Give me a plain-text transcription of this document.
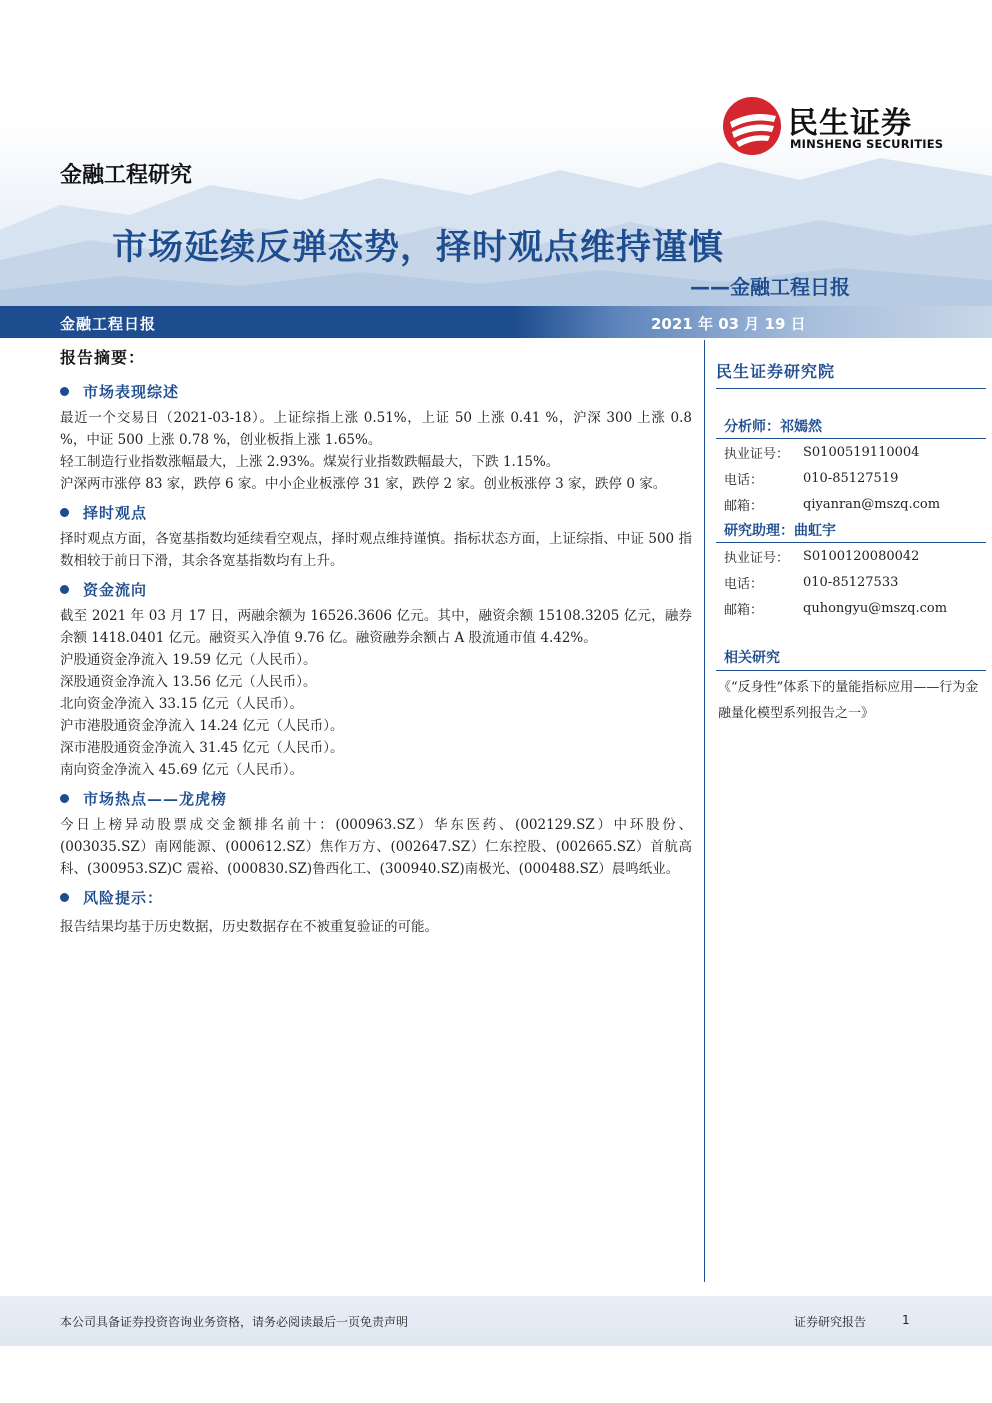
民生证券
MINSHENG SECURITIES
金融工程研究
市场延续反弹态势，择时观点维持谨慎
——金融工程日报
金融工程日报	2021 年 03 月 19 日
报告摘要：
市场表现综述

最近一个交易日（2021-03-18）。上证综指上涨 0.51%，上证 50 上涨 0.41 %，沪深 300 上涨 0.8 %，中证 500 上涨 0.78 %，创业板指上涨 1.65%。

轻工制造行业指数涨幅最大，上涨 2.93%。煤炭行业指数跌幅最大，下跌 1.15%。

沪深两市涨停 83 家，跌停 6 家。中小企业板涨停 31 家，跌停 2 家。创业板涨停 3 家，跌停 0 家。

择时观点

择时观点方面，各宽基指数均延续看空观点，择时观点维持谨慎。指标状态方面，上证综指、中证 500 指数相较于前日下滑，其余各宽基指数均有上升。

资金流向

截至 2021 年 03 月 17 日，两融余额为 16526.3606 亿元。其中，融资余额 15108.3205 亿元，融券余额 1418.0401 亿元。融资买入净值 9.76 亿。融资融券余额占 A 股流通市值 4.42%。

沪股通资金净流入 19.59 亿元（人民币）。

深股通资金净流入 13.56 亿元（人民币）。

北向资金净流入 33.15 亿元（人民币）。

沪市港股通资金净流入 14.24 亿元（人民币）。

深市港股通资金净流入 31.45 亿元（人民币）。

南向资金净流入 45.69 亿元（人民币）。

市场热点——龙虎榜

今日上榜异动股票成交金额排名前十：(000963.SZ）华东医药、(002129.SZ）中环股份、(003035.SZ）南网能源、(000612.SZ）焦作万方、(002647.SZ）仁东控股、(002665.SZ）首航高科、(300953.SZ)C 震裕、(000830.SZ)鲁西化工、(300940.SZ)南极光、(000488.SZ）晨鸣纸业。

风险提示：

报告结果均基于历史数据，历史数据存在不被重复验证的可能。

民生证券研究院
分析师：祁嫣然
执业证号：	S0100519110004
电话：	010-85127519
邮箱：	qiyanran@mszq.com
研究助理：曲虹宇
执业证号：	S0100120080042
电话：	010-85127533
邮箱：	quhongyu@mszq.com
相关研究

《“反身性”体系下的量能指标应用——行为金融量化模型系列报告之一》

本公司具备证券投资咨询业务资格，请务必阅读最后一页免责声明	证券研究报告	1
